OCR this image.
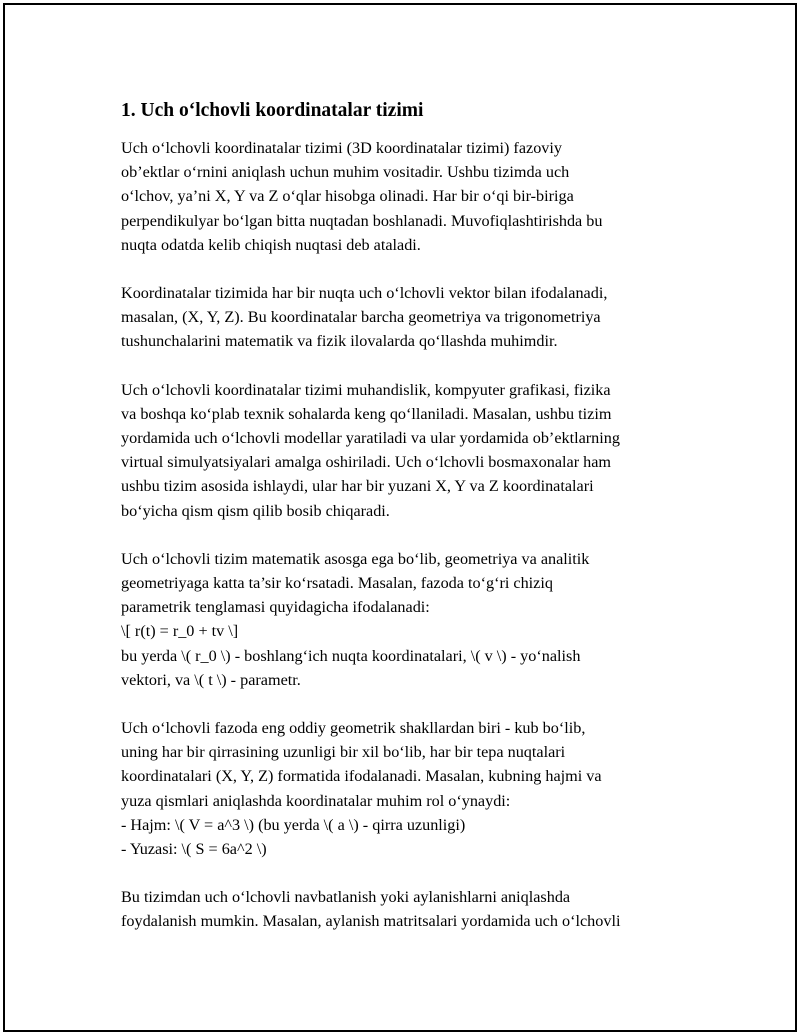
1. Uch o‘lchovli koordinatalar tizimi

Uch o‘lchovli koordinatalar tizimi (3D koordinatalar tizimi) fazoviy
ob’ektlar o‘rnini aniqlash uchun muhim vositadir. Ushbu tizimda uch
o‘lchov, ya’ni X, Y va Z o‘qlar hisobga olinadi. Har bir o‘qi bir-biriga
perpendikulyar bo‘lgan bitta nuqtadan boshlanadi. Muvofiqlashtirishda bu
nuqta odatda kelib chiqish nuqtasi deb ataladi.

Koordinatalar tizimida har bir nuqta uch o‘lchovli vektor bilan ifodalanadi,
masalan, (X, Y, Z). Bu koordinatalar barcha geometriya va trigonometriya
tushunchalarini matematik va fizik ilovalarda qo‘llashda muhimdir.

Uch o‘lchovli koordinatalar tizimi muhandislik, kompyuter grafikasi, fizika
va boshqa ko‘plab texnik sohalarda keng qo‘llaniladi. Masalan, ushbu tizim
yordamida uch o‘lchovli modellar yaratiladi va ular yordamida ob’ektlarning
virtual simulyatsiyalari amalga oshiriladi. Uch o‘lchovli bosmaxonalar ham
ushbu tizim asosida ishlaydi, ular har bir yuzani X, Y va Z koordinatalari
bo‘yicha qism qism qilib bosib chiqaradi.

Uch o‘lchovli tizim matematik asosga ega bo‘lib, geometriya va analitik
geometriyaga katta ta’sir ko‘rsatadi. Masalan, fazoda to‘g‘ri chiziq
parametrik tenglamasi quyidagicha ifodalanadi:
\[ r(t) = r_0 + tv \]
bu yerda \( r_0 \) - boshlang‘ich nuqta koordinatalari, \( v \) - yo‘nalish
vektori, va \( t \) - parametr.

Uch o‘lchovli fazoda eng oddiy geometrik shakllardan biri - kub bo‘lib,
uning har bir qirrasining uzunligi bir xil bo‘lib, har bir tepa nuqtalari
koordinatalari (X, Y, Z) formatida ifodalanadi. Masalan, kubning hajmi va
yuza qismlari aniqlashda koordinatalar muhim rol o‘ynaydi:
- Hajm: \( V = a^3 \) (bu yerda \( a \) - qirra uzunligi)
- Yuzasi: \( S = 6a^2 \)

Bu tizimdan uch o‘lchovli navbatlanish yoki aylanishlarni aniqlashda
foydalanish mumkin. Masalan, aylanish matritsalari yordamida uch o‘lchovli
